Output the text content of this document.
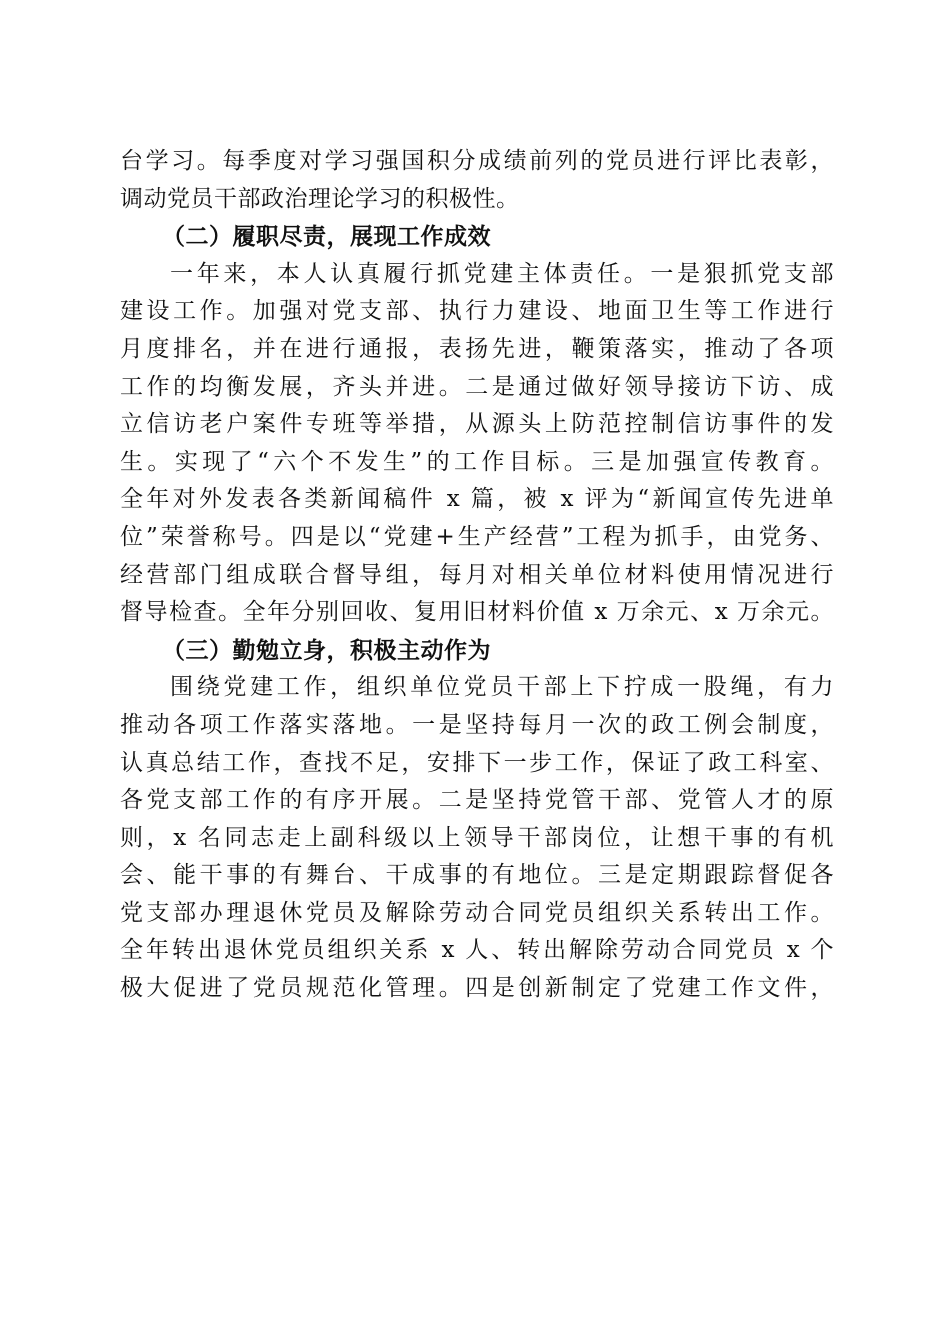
台学习。每季度对学习强国积分成绩前列的党员进行评比表彰，
调动党员干部政治理论学习的积极性。
（二）履职尽责，展现工作成效
一年来，本人认真履行抓党建主体责任。一是狠抓党支部
建设工作。加强对党支部、执行力建设、地面卫生等工作进行
月度排名，并在进行通报，表扬先进，鞭策落实，推动了各项
工作的均衡发展，齐头并进。二是通过做好领导接访下访、成
立信访老户案件专班等举措，从源头上防范控制信访事件的发
生。实现了“六个不发生”的工作目标。三是加强宣传教育。
全年对外发表各类新闻稿件 x 篇，被 x 评为“新闻宣传先进单
位”荣誉称号。四是以“党建+生产经营”工程为抓手，由党务、
经营部门组成联合督导组，每月对相关单位材料使用情况进行
督导检查。全年分别回收、复用旧材料价值 x 万余元、x 万余元。
（三）勤勉立身，积极主动作为
围绕党建工作，组织单位党员干部上下拧成一股绳，有力
推动各项工作落实落地。一是坚持每月一次的政工例会制度，
认真总结工作，查找不足，安排下一步工作，保证了政工科室、
各党支部工作的有序开展。二是坚持党管干部、党管人才的原
则，x 名同志走上副科级以上领导干部岗位，让想干事的有机
会、能干事的有舞台、干成事的有地位。三是定期跟踪督促各
党支部办理退休党员及解除劳动合同党员组织关系转出工作。
全年转出退休党员组织关系 x 人、转出解除劳动合同党员 x 个
极大促进了党员规范化管理。四是创新制定了党建工作文件，
